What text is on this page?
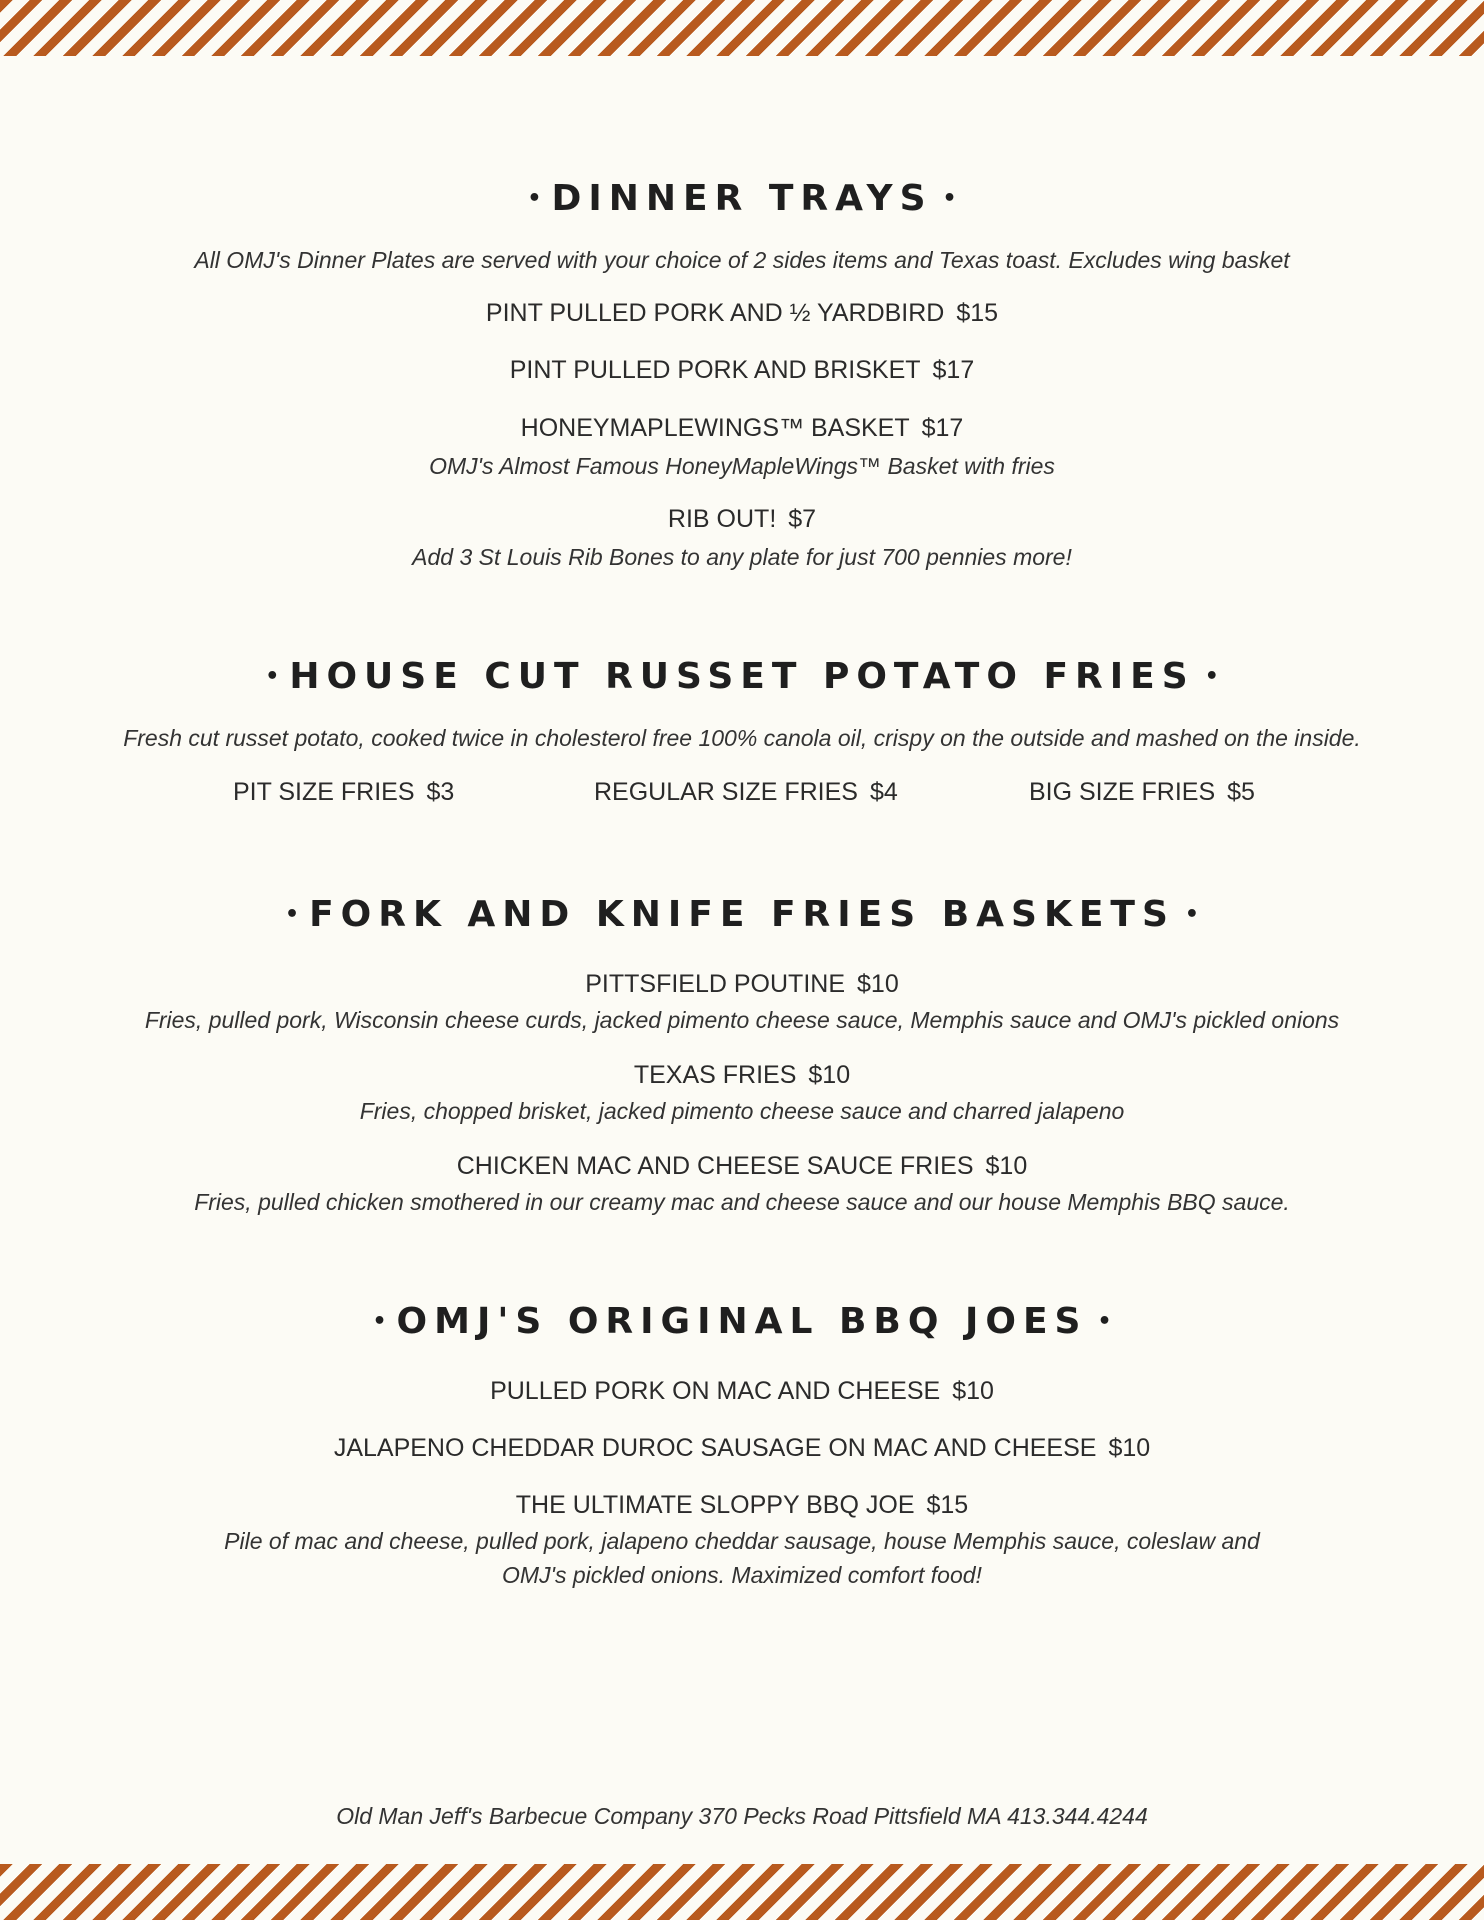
• DINNER TRAYS •
All OMJ's Dinner Plates are served with your choice of 2 sides items and Texas toast. Excludes wing basket
PINT PULLED PORK AND ½ YARDBIRD $15
PINT PULLED PORK AND BRISKET $17
HONEYMAPLEWINGS™ BASKET $17
OMJ's Almost Famous HoneyMapleWings™ Basket with fries
RIB OUT! $7
Add 3 St Louis Rib Bones to any plate for just 700 pennies more!
• HOUSE CUT RUSSET POTATO FRIES •
Fresh cut russet potato, cooked twice in cholesterol free 100% canola oil, crispy on the outside and mashed on the inside.
PIT SIZE FRIES $3	REGULAR SIZE FRIES $4	BIG SIZE FRIES $5
• FORK AND KNIFE FRIES BASKETS •
PITTSFIELD POUTINE $10
Fries, pulled pork, Wisconsin cheese curds, jacked pimento cheese sauce, Memphis sauce and OMJ's pickled onions
TEXAS FRIES $10
Fries, chopped brisket, jacked pimento cheese sauce and charred jalapeno
CHICKEN MAC AND CHEESE SAUCE FRIES $10
Fries, pulled chicken smothered in our creamy mac and cheese sauce and our house Memphis BBQ sauce.
• OMJ'S ORIGINAL BBQ JOES •
PULLED PORK ON MAC AND CHEESE $10
JALAPENO CHEDDAR DUROC SAUSAGE ON MAC AND CHEESE $10
THE ULTIMATE SLOPPY BBQ JOE $15
Pile of mac and cheese, pulled pork, jalapeno cheddar sausage, house Memphis sauce, coleslaw and
OMJ's pickled onions. Maximized comfort food!
Old Man Jeff's Barbecue Company 370 Pecks Road Pittsfield MA 413.344.4244
